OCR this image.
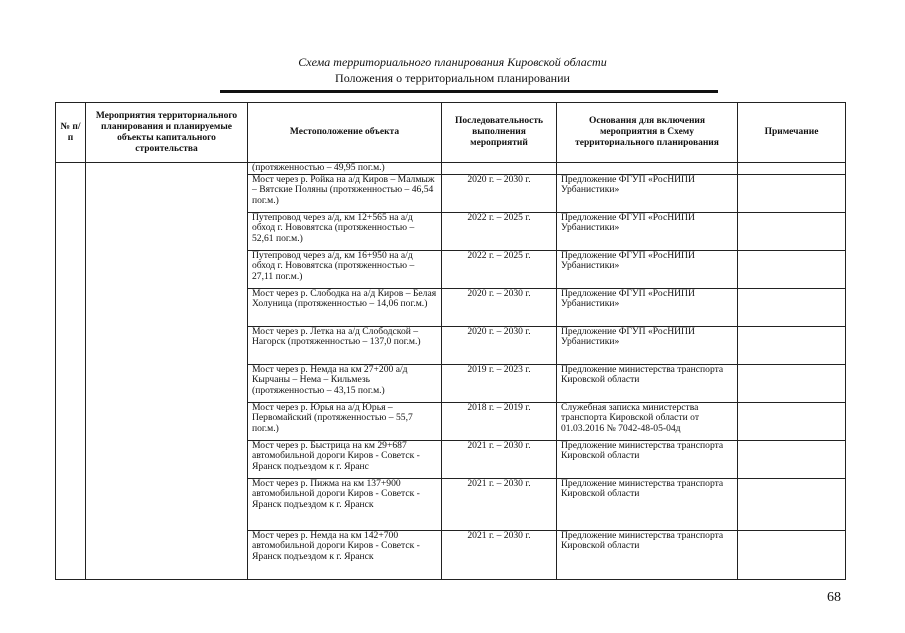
Схема территориального планирования Кировской области
Положения о территориальном планировании
№ п/п	Мероприятия территориального планирования и планируемые объекты капитального строительства	Местоположение объекта	Последовательность выполнения мероприятий	Основания для включения мероприятия в Схему территориального планирования	Примечание
		(протяженностью – 49,95 пог.м.)			
		Мост через р. Ройка на а/д Киров – Малмыж – Вятские Поляны (протяженностью – 46,54 пог.м.)	2020 г. – 2030 г.	Предложение ФГУП «РосНИПИ Урбанистики»	
		Путепровод через а/д, км 12+565 на а/д обход г. Нововятска (протяженностью – 52,61 пог.м.)	2022 г. – 2025 г.	Предложение ФГУП «РосНИПИ Урбанистики»	
		Путепровод через а/д, км 16+950 на а/д обход г. Нововятска (протяженностью – 27,11 пог.м.)	2022 г. – 2025 г.	Предложение ФГУП «РосНИПИ Урбанистики»	
		Мост через р. Слободка на а/д Киров – Белая Холуница (протяженностью – 14,06 пог.м.)	2020 г. – 2030 г.	Предложение ФГУП «РосНИПИ Урбанистики»	
		Мост через р. Летка на а/д Слободской – Нагорск (протяженностью – 137,0 пог.м.)	2020 г. – 2030 г.	Предложение ФГУП «РосНИПИ Урбанистики»	
		Мост через р. Немда на км 27+200 а/д Кырчаны – Нема – Кильмезь (протяженностью – 43,15 пог.м.)	2019 г. – 2023 г.	Предложение министерства транспорта Кировской области	
		Мост через р. Юрья на а/д Юрья – Первомайский (протяженностью – 55,7 пог.м.)	2018 г. – 2019 г.	Служебная записка министерства транспорта Кировской области от 01.03.2016 № 7042-48-05-04д	
		Мост через р. Быстрица на км 29+687 автомобильной дороги Киров - Советск - Яранск подъездом к г. Яранс	2021 г. – 2030 г.	Предложение министерства транспорта Кировской области	
		Мост через р. Пижма на км 137+900 автомобильной дороги Киров - Советск - Яранск подъездом к г. Яранск	2021 г. – 2030 г.	Предложение министерства транспорта Кировской области	
		Мост через р. Немда на км 142+700 автомобильной дороги Киров - Советск - Яранск подъездом к г. Яранск	2021 г. – 2030 г.	Предложение министерства транспорта Кировской области	
68
